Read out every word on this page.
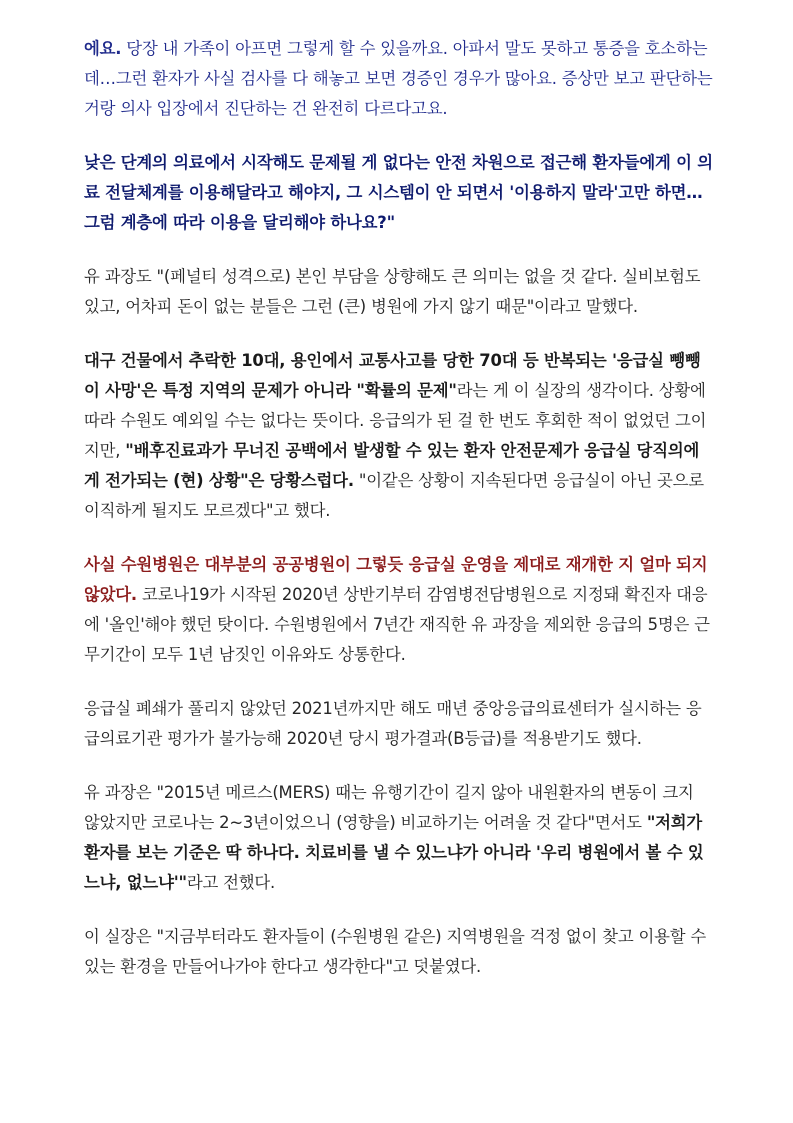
에요. 당장 내 가족이 아프면 그렇게 할 수 있을까요. 아파서 말도 못하고 통증을 호소하는데…그런 환자가 사실 검사를 다 해놓고 보면 경증인 경우가 많아요. 증상만 보고 판단하는 거랑 의사 입장에서 진단하는 건 완전히 다르다고요.

낮은 단계의 의료에서 시작해도 문제될 게 없다는 안전 차원으로 접근해 환자들에게 이 의료 전달체계를 이용해달라고 해야지, 그 시스템이 안 되면서 '이용하지 말라'고만 하면…그럼 계층에 따라 이용을 달리해야 하나요?"

유 과장도 "(페널티 성격으로) 본인 부담을 상향해도 큰 의미는 없을 것 같다. 실비보험도 있고, 어차피 돈이 없는 분들은 그런 (큰) 병원에 가지 않기 때문"이라고 말했다.

대구 건물에서 추락한 10대, 용인에서 교통사고를 당한 70대 등 반복되는 '응급실 뺑뺑이 사망'은 특정 지역의 문제가 아니라 "확률의 문제"라는 게 이 실장의 생각이다. 상황에 따라 수원도 예외일 수는 없다는 뜻이다. 응급의가 된 걸 한 번도 후회한 적이 없었던 그이지만, "배후진료과가 무너진 공백에서 발생할 수 있는 환자 안전문제가 응급실 당직의에게 전가되는 (현) 상황"은 당황스럽다. "이같은 상황이 지속된다면 응급실이 아닌 곳으로 이직하게 될지도 모르겠다"고 했다.

사실 수원병원은 대부분의 공공병원이 그렇듯 응급실 운영을 제대로 재개한 지 얼마 되지 않았다. 코로나19가 시작된 2020년 상반기부터 감염병전담병원으로 지정돼 확진자 대응에 '올인'해야 했던 탓이다. 수원병원에서 7년간 재직한 유 과장을 제외한 응급의 5명은 근무기간이 모두 1년 남짓인 이유와도 상통한다.

응급실 폐쇄가 풀리지 않았던 2021년까지만 해도 매년 중앙응급의료센터가 실시하는 응급의료기관 평가가 불가능해 2020년 당시 평가결과(B등급)를 적용받기도 했다.

유 과장은 "2015년 메르스(MERS) 때는 유행기간이 길지 않아 내원환자의 변동이 크지 않았지만 코로나는 2~3년이었으니 (영향을) 비교하기는 어려울 것 같다"면서도 "저희가 환자를 보는 기준은 딱 하나다. 치료비를 낼 수 있느냐가 아니라 '우리 병원에서 볼 수 있느냐, 없느냐'"라고 전했다.

이 실장은 "지금부터라도 환자들이 (수원병원 같은) 지역병원을 걱정 없이 찾고 이용할 수 있는 환경을 만들어나가야 한다고 생각한다"고 덧붙였다.
